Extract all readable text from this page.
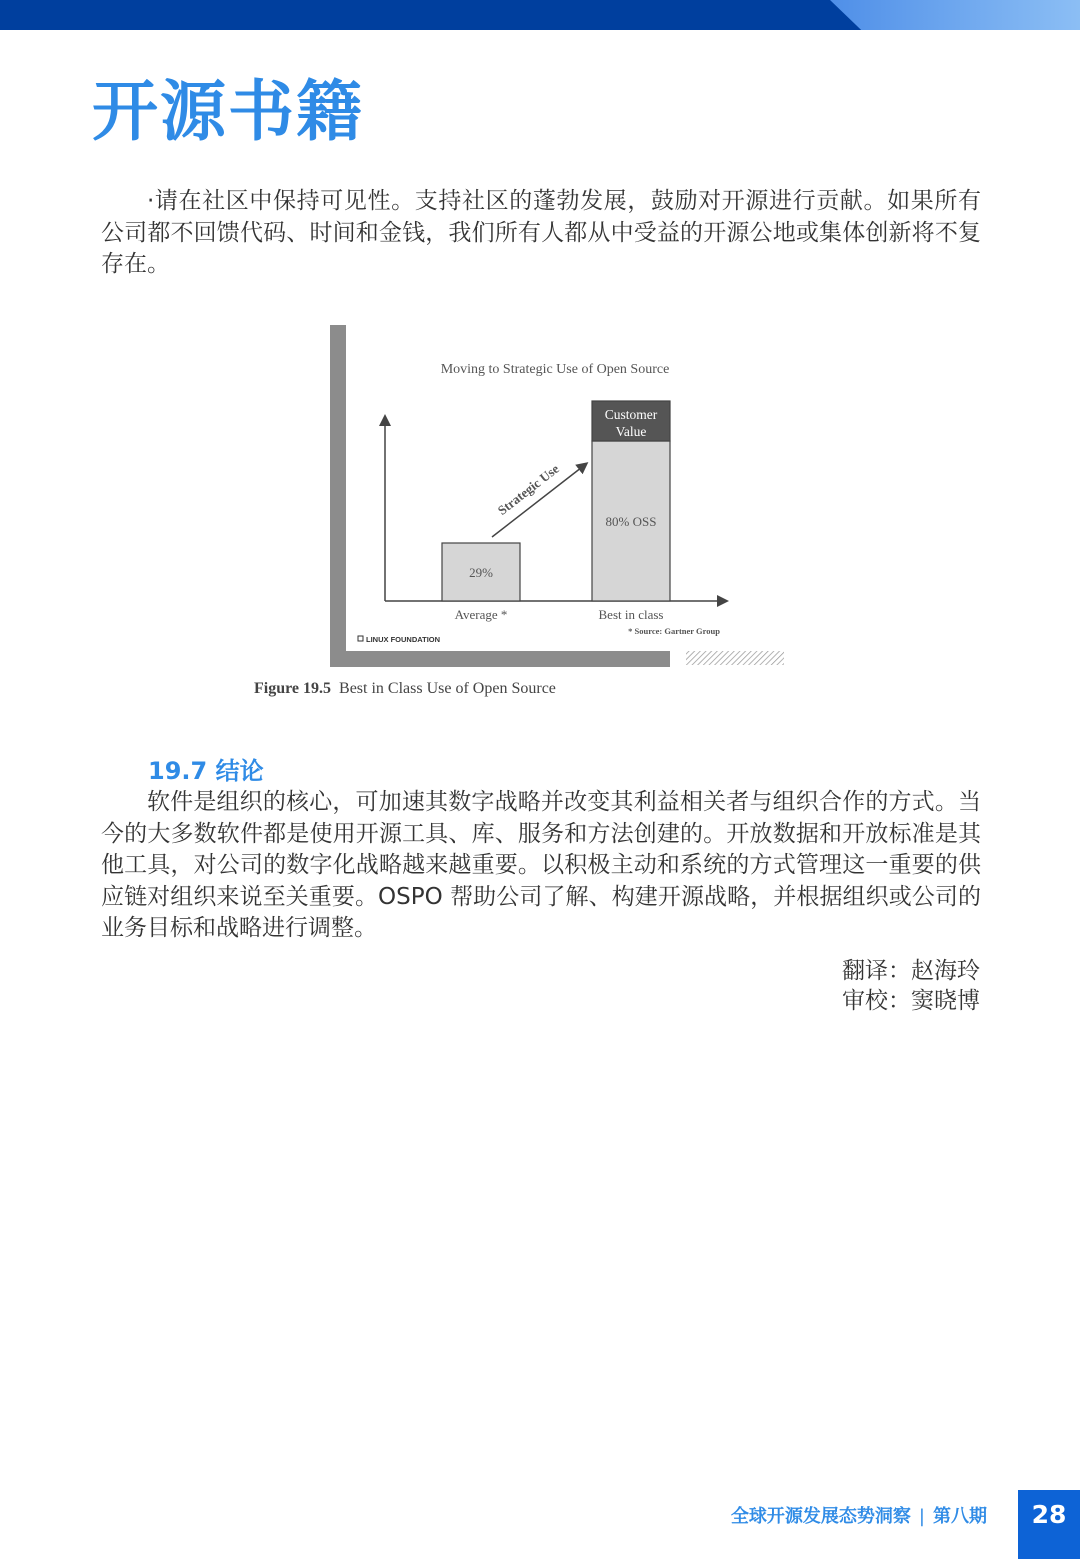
开源书籍

·请在社区中保持可见性。支持社区的蓬勃发展，鼓励对开源进行贡献。如果所有公司都不回馈代码、时间和金钱，我们所有人都从中受益的开源公地或集体创新将不复存在。

Moving to Strategic Use of Open Source
29%
Average *
80% OSS
Customer
Value
Best in class
Strategic Use
* Source: Gartner Group
LINUX FOUNDATION
Figure 19.5 Best in Class Use of Open Source
19.7 结论

软件是组织的核心，可加速其数字战略并改变其利益相关者与组织合作的方式。当今的大多数软件都是使用开源工具、库、服务和方法创建的。开放数据和开放标准是其他工具，对公司的数字化战略越来越重要。以积极主动和系统的方式管理这一重要的供应链对组织来说至关重要。OSPO 帮助公司了解、构建开源战略，并根据组织或公司的业务目标和战略进行调整。

翻译：赵海玲
审校：窦晓博
全球开源发展态势洞察 | 第八期	28
